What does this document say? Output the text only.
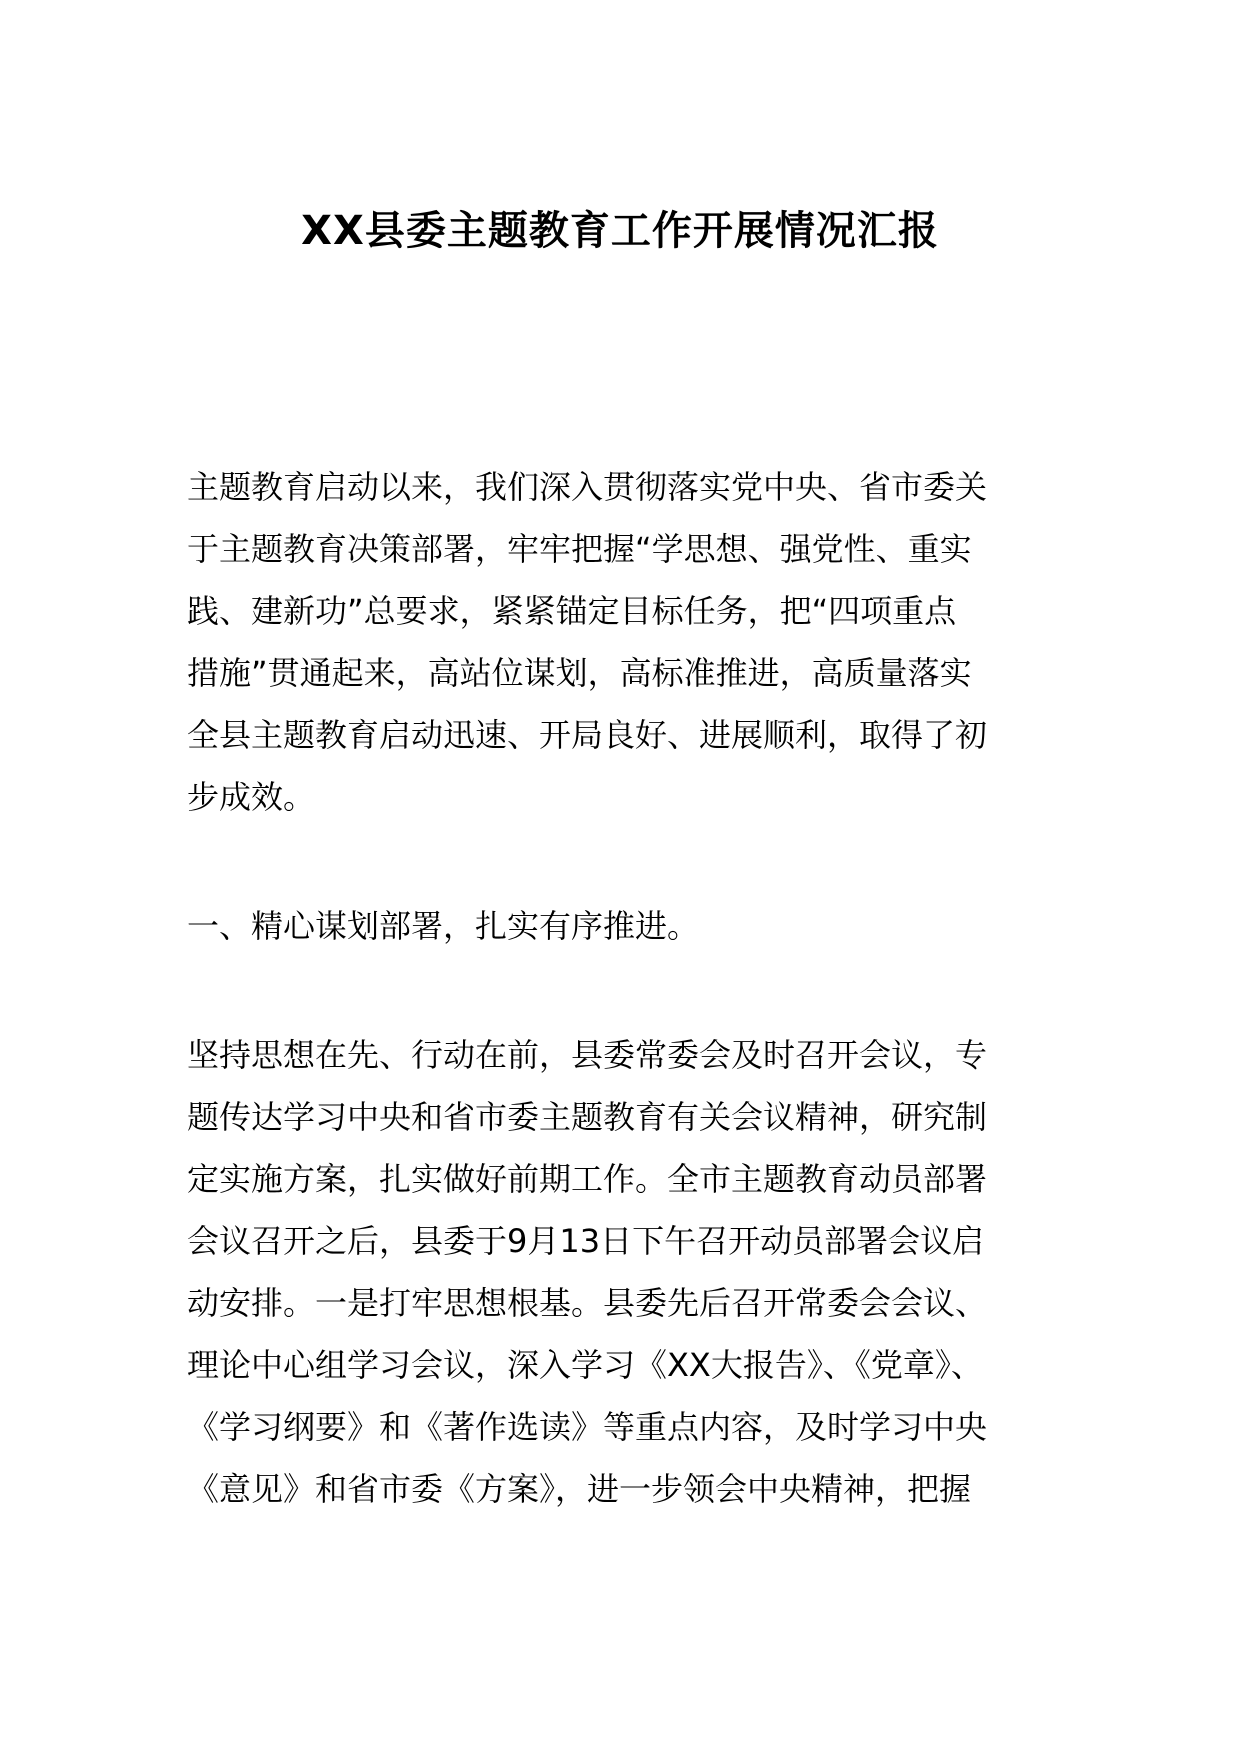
XX县委主题教育工作开展情况汇报

主题教育启动以来，我们深入贯彻落实党中央、省市委关

于主题教育决策部署，牢牢把握“学思想、强党性、重实

践、建新功”总要求，紧紧锚定目标任务，把“四项重点

措施”贯通起来，高站位谋划，高标准推进，高质量落实

全县主题教育启动迅速、开局良好、进展顺利，取得了初

步成效。

一、精心谋划部署，扎实有序推进。

坚持思想在先、行动在前，县委常委会及时召开会议，专

题传达学习中央和省市委主题教育有关会议精神，研究制

定实施方案，扎实做好前期工作。全市主题教育动员部署

会议召开之后，县委于9月13日下午召开动员部署会议启

动安排。一是打牢思想根基。县委先后召开常委会会议、

理论中心组学习会议，深入学习《XX大报告》、《党章》、

《学习纲要》和《著作选读》等重点内容，及时学习中央

《意见》和省市委《方案》，进一步领会中央精神，把握
